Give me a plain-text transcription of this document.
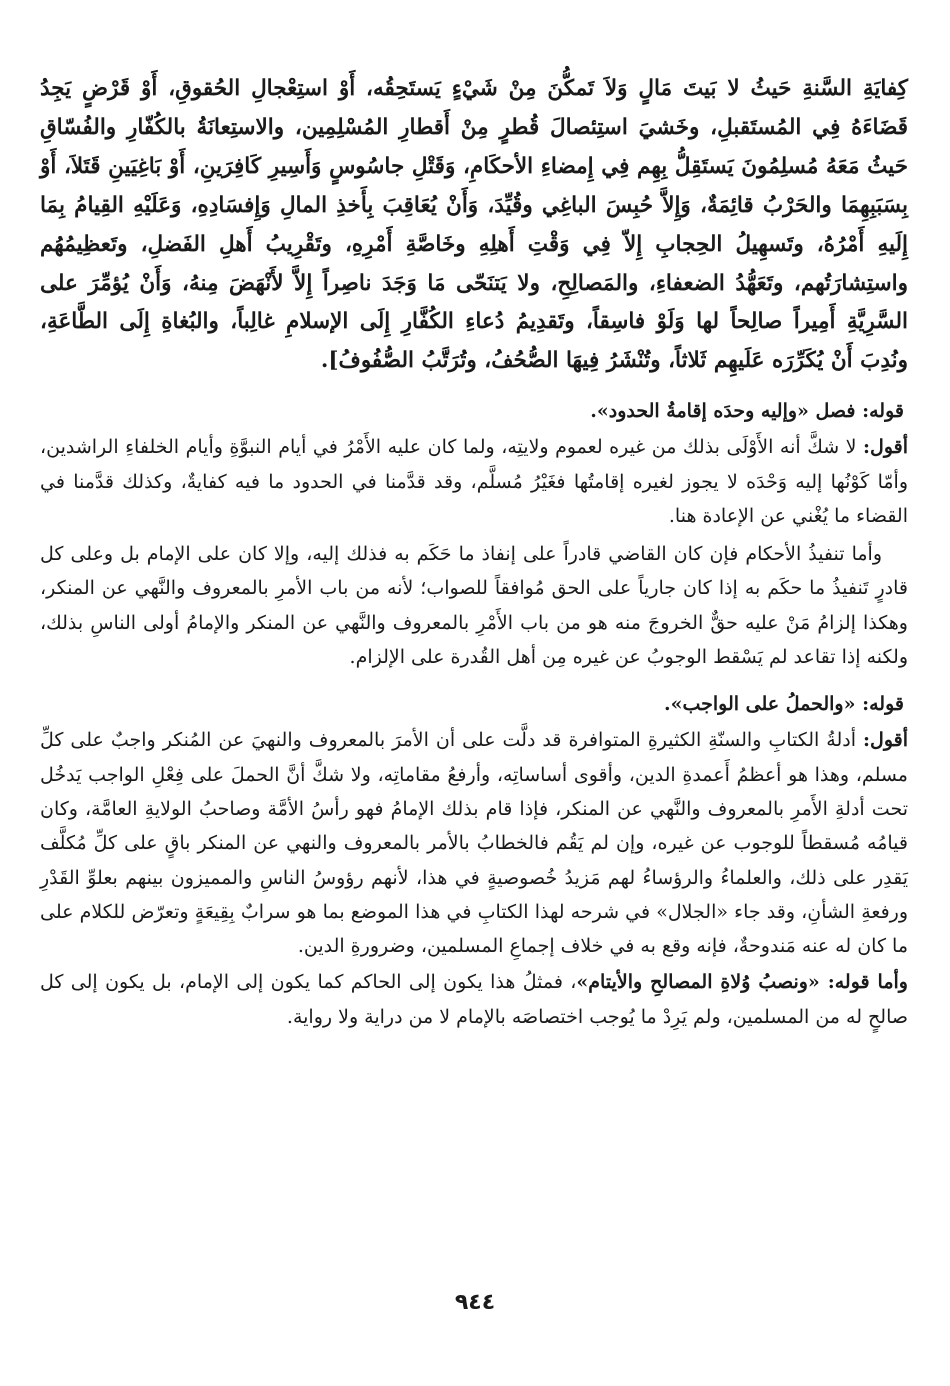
كِفايَةِ السَّنةِ حَيثُ لا بَيتَ مَالٍ وَلاَ تَمكُّنَ مِنْ شَيْءٍ يَستَحِقُه، أَوْ استِعْجالِ الحُقوقِ، أَوْ قَرْضٍ يَجِدُ قَضَاءَهُ فِي المُستَقبلِ، وخَشيَ استِئصالَ قُطرٍ مِنْ أَقطارِ المُسْلِمِين، والاستِعانَةُ بالكُفّارِ والفُسّاقِ حَيثُ مَعَهُ مُسلِمُونَ يَستَقِلُّ بِهِم فِي إِمضاءِ الأحكَامِ، وَقَتْلِ جاسُوسٍ وَأَسِيرِ كَافِرَينِ، أَوْ بَاغِيَينِ قَتَلاَ، أَوْ بِسَبَبِهِمَا والحَرْبُ قائِمَةٌ، وَإِلاَّ حُبِسَ الباغِي وقُيِّدَ، وَأَنْ يُعَاقِبَ بِأَخذِ المالِ وَإِفسَادِهِ، وَعَلَيْهِ القِيامُ بِمَا إِلَيهِ أَمْرُهُ، وتَسهِيلُ الحِجابِ إِلاّ فِي وَقْتِ أَهلِهِ وخَاصَّةِ أَمْرِهِ، وتَقْرِيبُ أَهلِ الفَضلِ، وتَعظِيمُهُم واستِشارَتُهم، وتَعَهُّدُ الضعفاءِ، والمَصالِحِ، ولا يَتنَحّى مَا وَجَدَ ناصِراً إِلاَّ لأَنْهَضَ مِنهُ، وَأَنْ يُؤمِّرَ على السَّرِيَّةِ أَمِيراً صالِحاً لها وَلَوْ فاسِقاً، وتَقدِيمُ دُعاءِ الكُفَّارِ إِلَى الإسلامِ غالِباً، والبُغاةِ إِلَى الطَّاعَةِ، ونُدِبَ أَنْ يُكَرِّرَه عَلَيهِم ثَلاثاً، وتُنْشَرُ فِيهَا الصُّحُفُ، وتُرَتَّبُ الصُّفُوفُ].

قوله: فصل «وإليه وحدَه إقامةُ الحدود».

أقول: لا شكَّ أنه الأَوْلَى بذلك من غيره لعموم ولايتِه، ولما كان عليه الأَمْرُ في أيام النبوَّةِ وأيام الخلفاءِ الراشدين، وأمّا كَوْنُها إليه وَحْدَه لا يجوز لغيره إقامتُها فغَيْرُ مُسلَّم، وقد قدَّمنا في الحدود ما فيه كفايةٌ، وكذلك قدَّمنا في القضاء ما يُغْني عن الإعادة هنا.

وأما تنفيذُ الأحكام فإن كان القاضي قادراً على إنفاذ ما حَكَم به فذلك إليه، وإلا كان على الإمام بل وعلى كل قادرٍ تَنفيذُ ما حكَم به إذا كان جارياً على الحق مُوافقاً للصواب؛ لأنه من باب الأمرِ بالمعروف والنَّهي عن المنكر، وهكذا إلزامُ مَنْ عليه حقٌّ الخروجَ منه هو من باب الأَمْرِ بالمعروف والنَّهي عن المنكر والإمامُ أولى الناسِ بذلك، ولكنه إذا تقاعد لم يَسْقط الوجوبُ عن غيره مِن أهل القُدرة على الإلزام.

قوله: «والحملُ على الواجب».

أقول: أدلةُ الكتابِ والسنّةِ الكثيرةِ المتوافرة قد دلَّت على أن الأمرَ بالمعروف والنهيَ عن المُنكر واجبٌ على كلِّ مسلم، وهذا هو أعظمُ أَعمدةِ الدين، وأقوى أساساتِه، وأرفعُ مقاماتِه، ولا شكَّ أنَّ الحملَ على فِعْلِ الواجب يَدخُل تحت أدلةِ الأَمرِ بالمعروف والنَّهي عن المنكر، فإذا قام بذلك الإمامُ فهو رأسُ الأمَّة وصاحبُ الولايةِ العامَّة، وكان قيامُه مُسقطاً للوجوب عن غيره، وإن لم يَقُم فالخطابُ بالأمر بالمعروف والنهي عن المنكر باقٍ على كلِّ مُكلَّف يَقدِر على ذلك، والعلماءُ والرؤساءُ لهم مَزيدُ خُصوصيةٍ في هذا، لأنهم رؤوسُ الناسِ والمميزون بينهم بعلوِّ القَدْرِ ورفعةِ الشأنِ، وقد جاء «الجلال» في شرحه لهذا الكتابِ في هذا الموضع بما هو سرابٌ بِقِيعَةٍ وتعرّض للكلام على ما كان له عنه مَندوحةٌ، فإنه وقع به في خلاف إجماعِ المسلمين، وضرورةِ الدين.

وأما قوله: «ونصبُ وُلاةِ المصالحِ والأيتام»، فمثلُ هذا يكون إلى الحاكم كما يكون إلى الإمام، بل يكون إلى كل صالحٍ له من المسلمين، ولم يَرِدْ ما يُوجب اختصاصَه بالإمام لا من دراية ولا رواية.

٩٤٤
